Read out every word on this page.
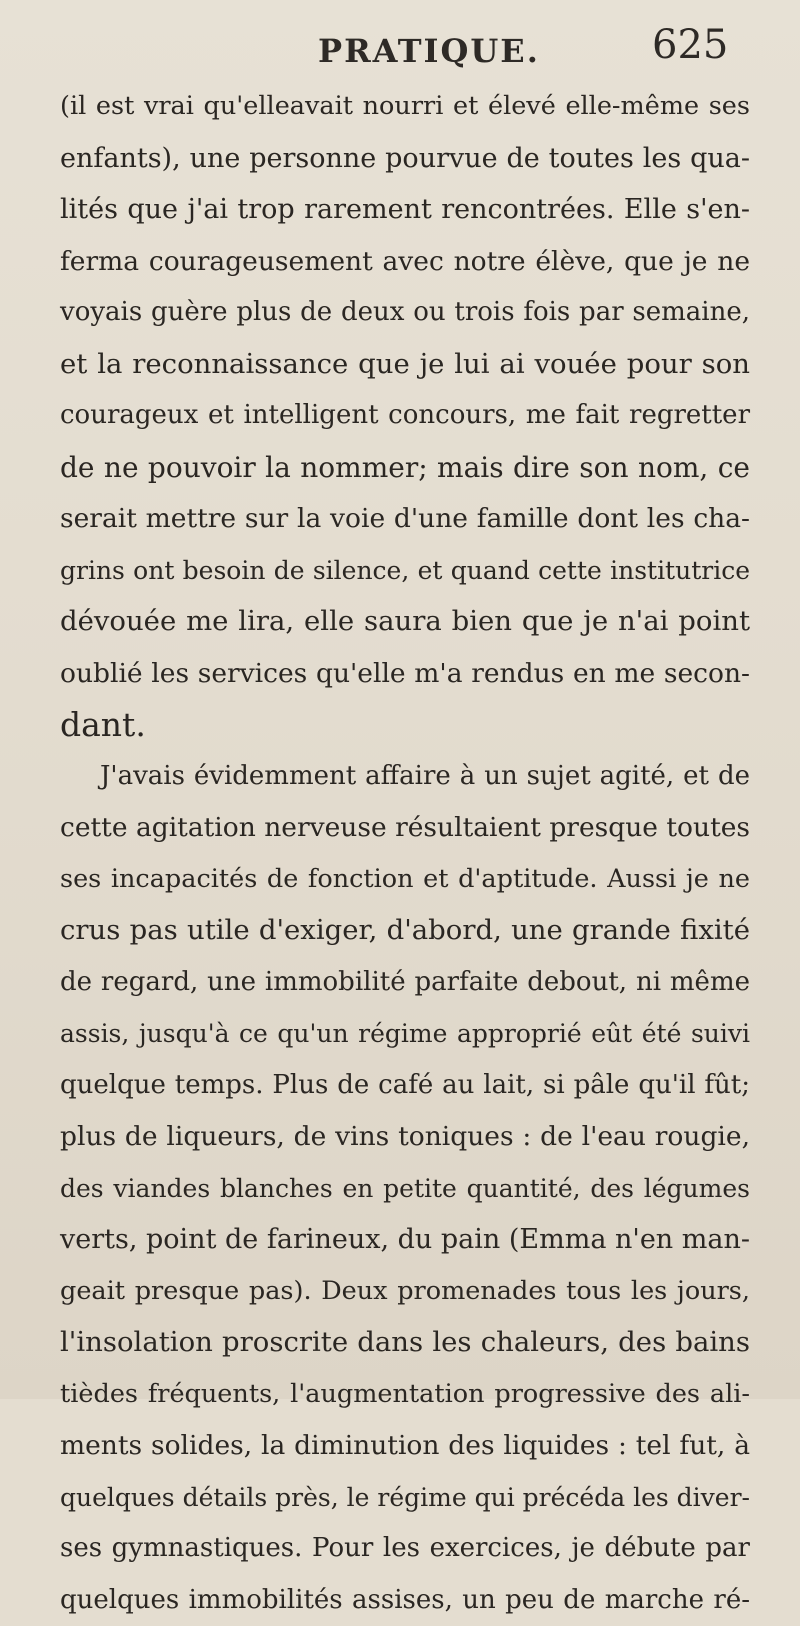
PRATIQUE.	625
(il est vrai qu'elleavait nourri et élevé elle-même ses
enfants), une personne pourvue de toutes les qua-
lités que j'ai trop rarement rencontrées. Elle s'en-
ferma courageusement avec notre élève, que je ne
voyais guère plus de deux ou trois fois par semaine,
et la reconnaissance que je lui ai vouée pour son
courageux et intelligent concours, me fait regretter
de ne pouvoir la nommer; mais dire son nom, ce
serait mettre sur la voie d'une famille dont les cha-
grins ont besoin de silence, et quand cette institutrice
dévouée me lira, elle saura bien que je n'ai point
oublié les services qu'elle m'a rendus en me secon-
dant.
J'avais évidemment affaire à un sujet agité, et de
cette agitation nerveuse résultaient presque toutes
ses incapacités de fonction et d'aptitude. Aussi je ne
crus pas utile d'exiger, d'abord, une grande fixité
de regard, une immobilité parfaite debout, ni même
assis, jusqu'à ce qu'un régime approprié eût été suivi
quelque temps. Plus de café au lait, si pâle qu'il fût;
plus de liqueurs, de vins toniques : de l'eau rougie,
des viandes blanches en petite quantité, des légumes
verts, point de farineux, du pain (Emma n'en man-
geait presque pas). Deux promenades tous les jours,
l'insolation proscrite dans les chaleurs, des bains
tièdes fréquents, l'augmentation progressive des ali-
ments solides, la diminution des liquides : tel fut, à
quelques détails près, le régime qui précéda les diver-
ses gymnastiques. Pour les exercices, je débute par
quelques immobilités assises, un peu de marche ré-
